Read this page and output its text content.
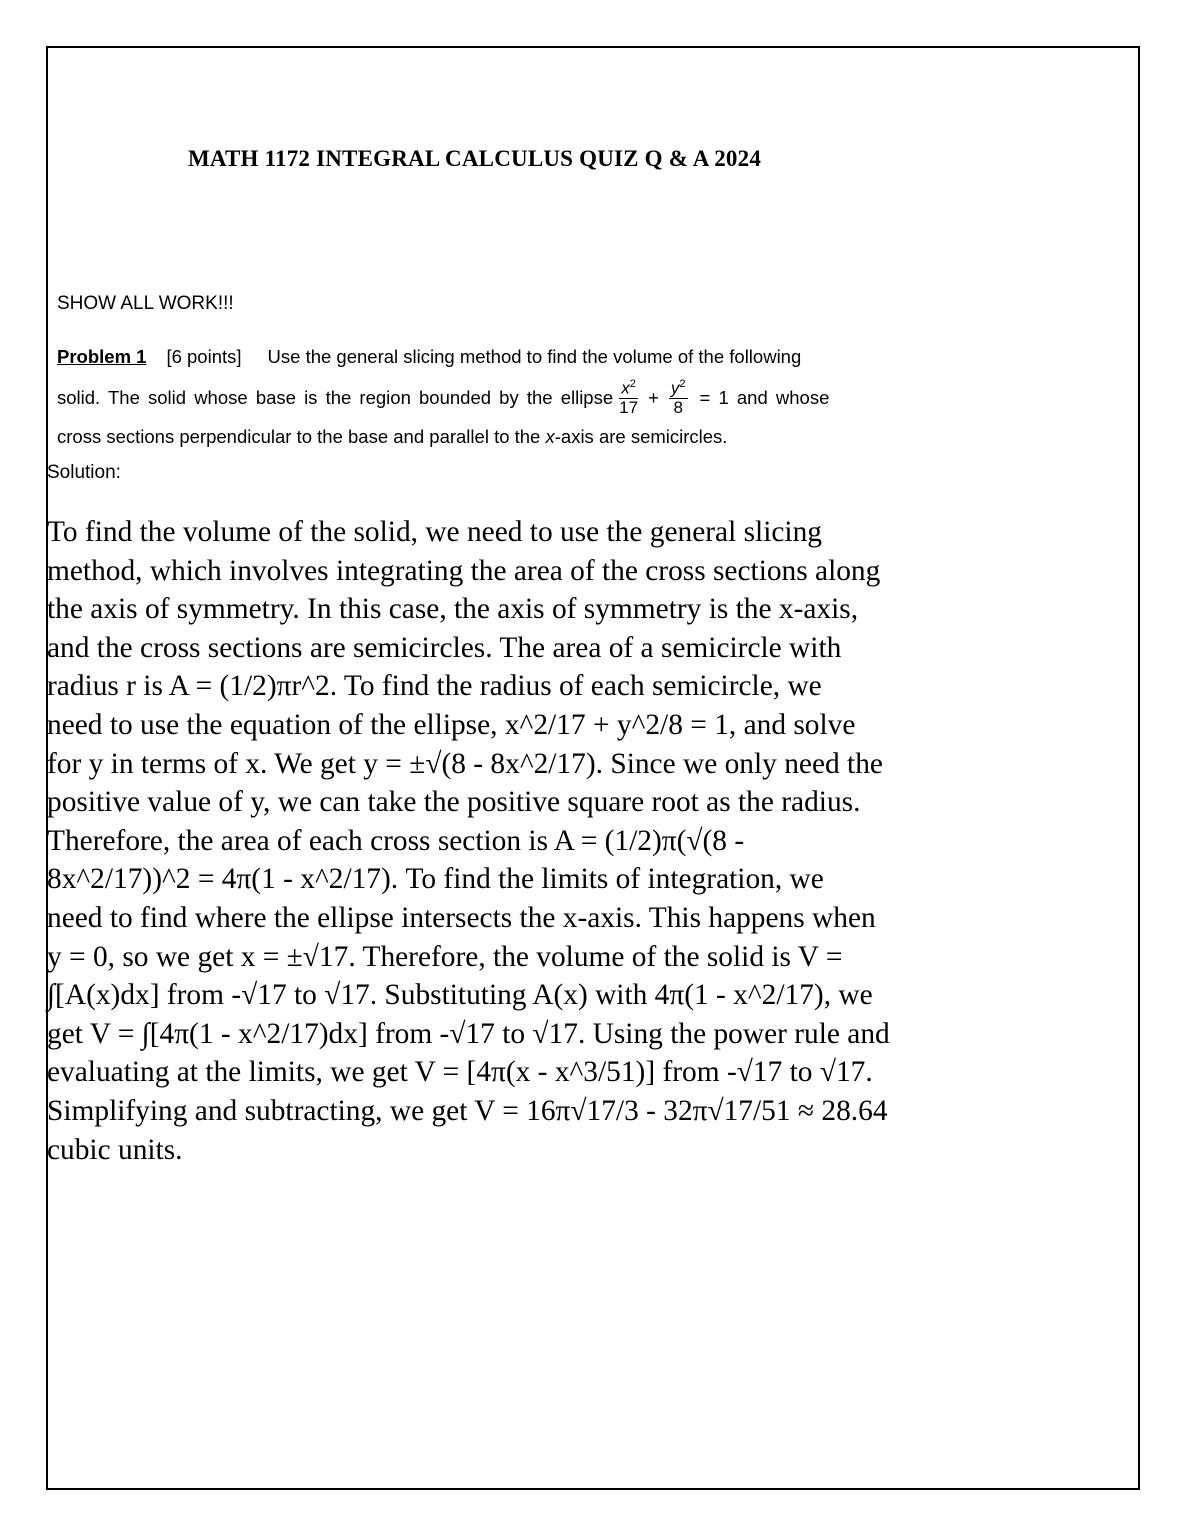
MATH 1172 INTEGRAL CALCULUS QUIZ Q & A 2024
SHOW ALL WORK!!!
Problem 1 [6 points] Use the general slicing method to find the volume of the following
solid. The solid whose base is the region bounded by the ellipse $\frac{x^2}{17} + \frac{y^2}{8} = 1$ and whose
cross sections perpendicular to the base and parallel to the x-axis are semicircles.
Solution:
To find the volume of the solid, we need to use the general slicing
method, which involves integrating the area of the cross sections along
the axis of symmetry. In this case, the axis of symmetry is the x-axis,
and the cross sections are semicircles. The area of a semicircle with
radius r is A = (1/2)πr^2. To find the radius of each semicircle, we
need to use the equation of the ellipse, x^2/17 + y^2/8 = 1, and solve
for y in terms of x. We get y = ±√(8 - 8x^2/17). Since we only need the
positive value of y, we can take the positive square root as the radius.
Therefore, the area of each cross section is A = (1/2)π(√(8 -
8x^2/17))^2 = 4π(1 - x^2/17). To find the limits of integration, we
need to find where the ellipse intersects the x-axis. This happens when
y = 0, so we get x = ±√17. Therefore, the volume of the solid is V =
∫[A(x)dx] from -√17 to √17. Substituting A(x) with 4π(1 - x^2/17), we
get V = ∫[4π(1 - x^2/17)dx] from -√17 to √17. Using the power rule and
evaluating at the limits, we get V = [4π(x - x^3/51)] from -√17 to √17.
Simplifying and subtracting, we get V = 16π√17/3 - 32π√17/51 ≈ 28.64
cubic units.
